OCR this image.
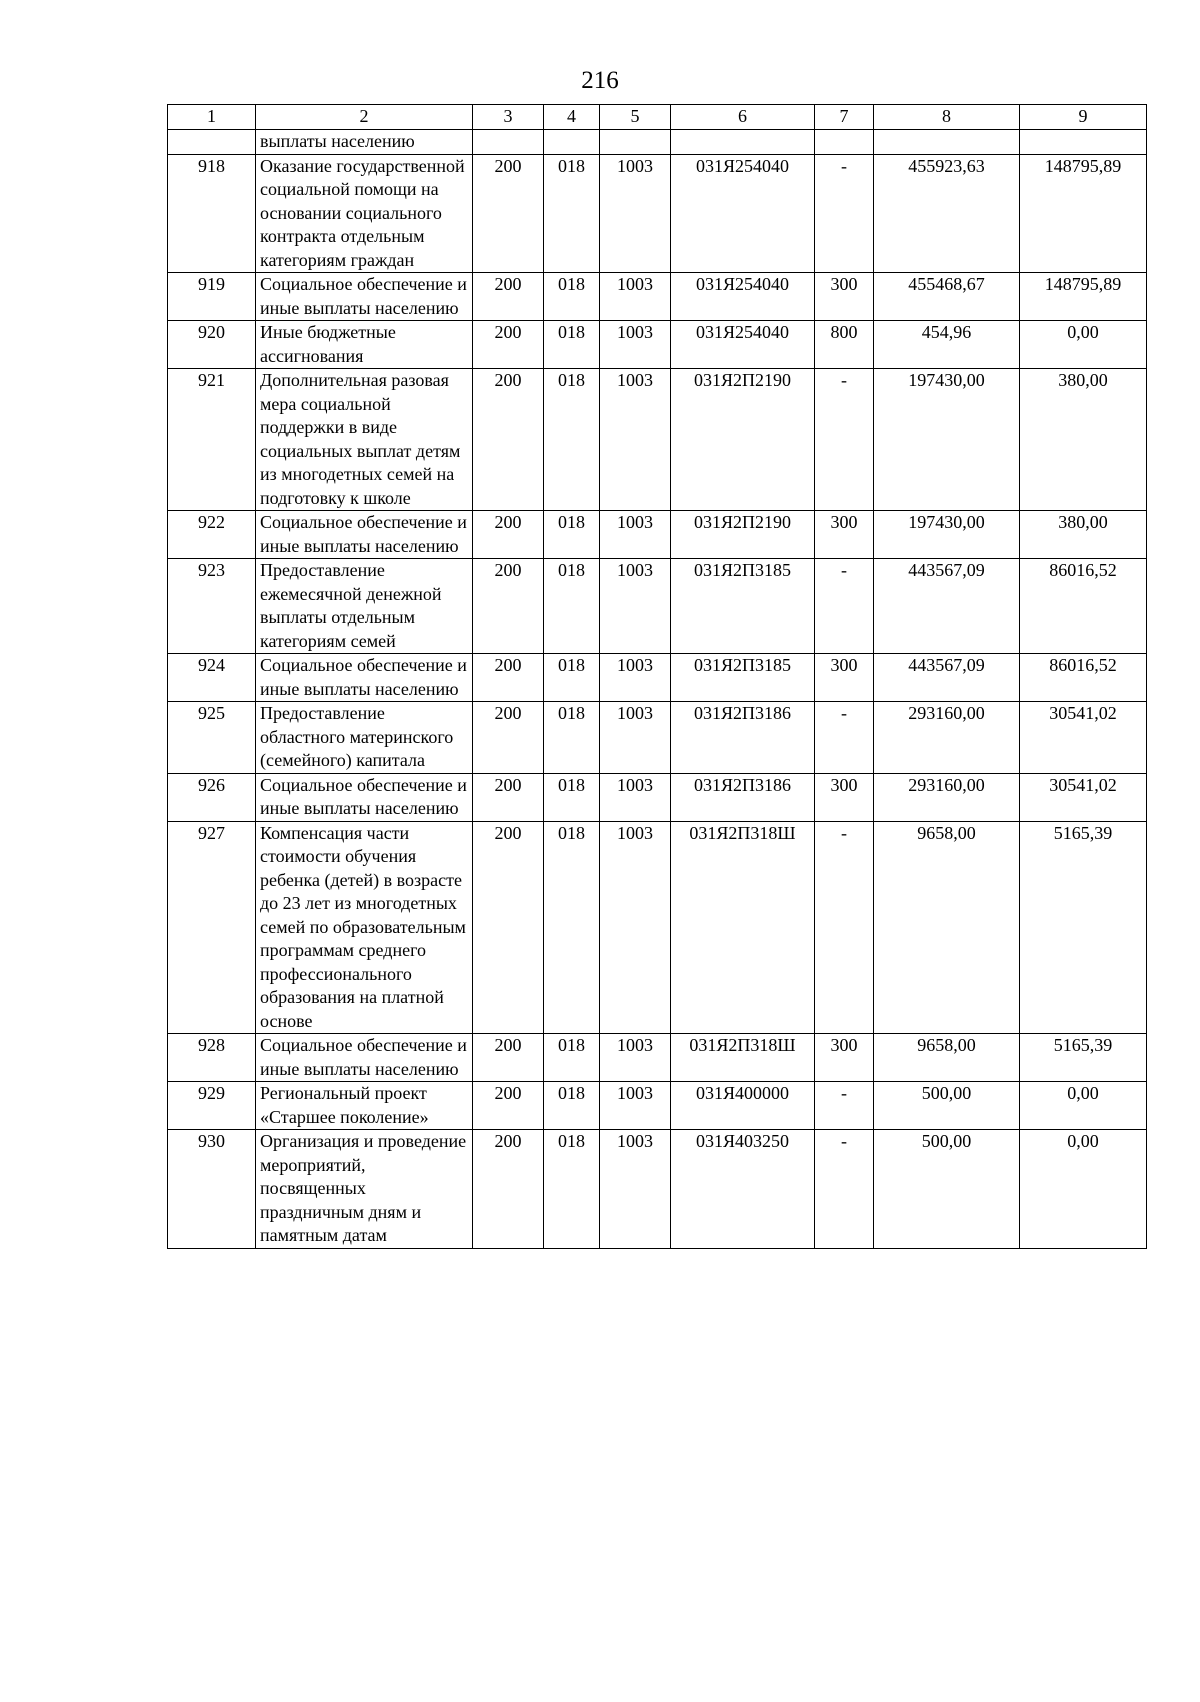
216
1	2	3	4	5	6	7	8	9
	выплаты населению							
918	Оказание государственной социальной помощи на основании социального контракта отдельным категориям граждан	200	018	1003	031Я254040	-	455923,63	148795,89
919	Социальное обеспечение и иные выплаты населению	200	018	1003	031Я254040	300	455468,67	148795,89
920	Иные бюджетные ассигнования	200	018	1003	031Я254040	800	454,96	0,00
921	Дополнительная разовая мера социальной поддержки в виде социальных выплат детям из многодетных семей на подготовку к школе	200	018	1003	031Я2П2190	-	197430,00	380,00
922	Социальное обеспечение и иные выплаты населению	200	018	1003	031Я2П2190	300	197430,00	380,00
923	Предоставление ежемесячной денежной выплаты отдельным категориям семей	200	018	1003	031Я2П3185	-	443567,09	86016,52
924	Социальное обеспечение и иные выплаты населению	200	018	1003	031Я2П3185	300	443567,09	86016,52
925	Предоставление областного материнского (семейного) капитала	200	018	1003	031Я2П3186	-	293160,00	30541,02
926	Социальное обеспечение и иные выплаты населению	200	018	1003	031Я2П3186	300	293160,00	30541,02
927	Компенсация части стоимости обучения ребенка (детей) в возрасте до 23 лет из многодетных семей по образовательным программам среднего профессионального образования на платной основе	200	018	1003	031Я2П318Ш	-	9658,00	5165,39
928	Социальное обеспечение и иные выплаты населению	200	018	1003	031Я2П318Ш	300	9658,00	5165,39
929	Региональный проект «Старшее поколение»	200	018	1003	031Я400000	-	500,00	0,00
930	Организация и проведение мероприятий, посвященных праздничным дням и памятным датам	200	018	1003	031Я403250	-	500,00	0,00
